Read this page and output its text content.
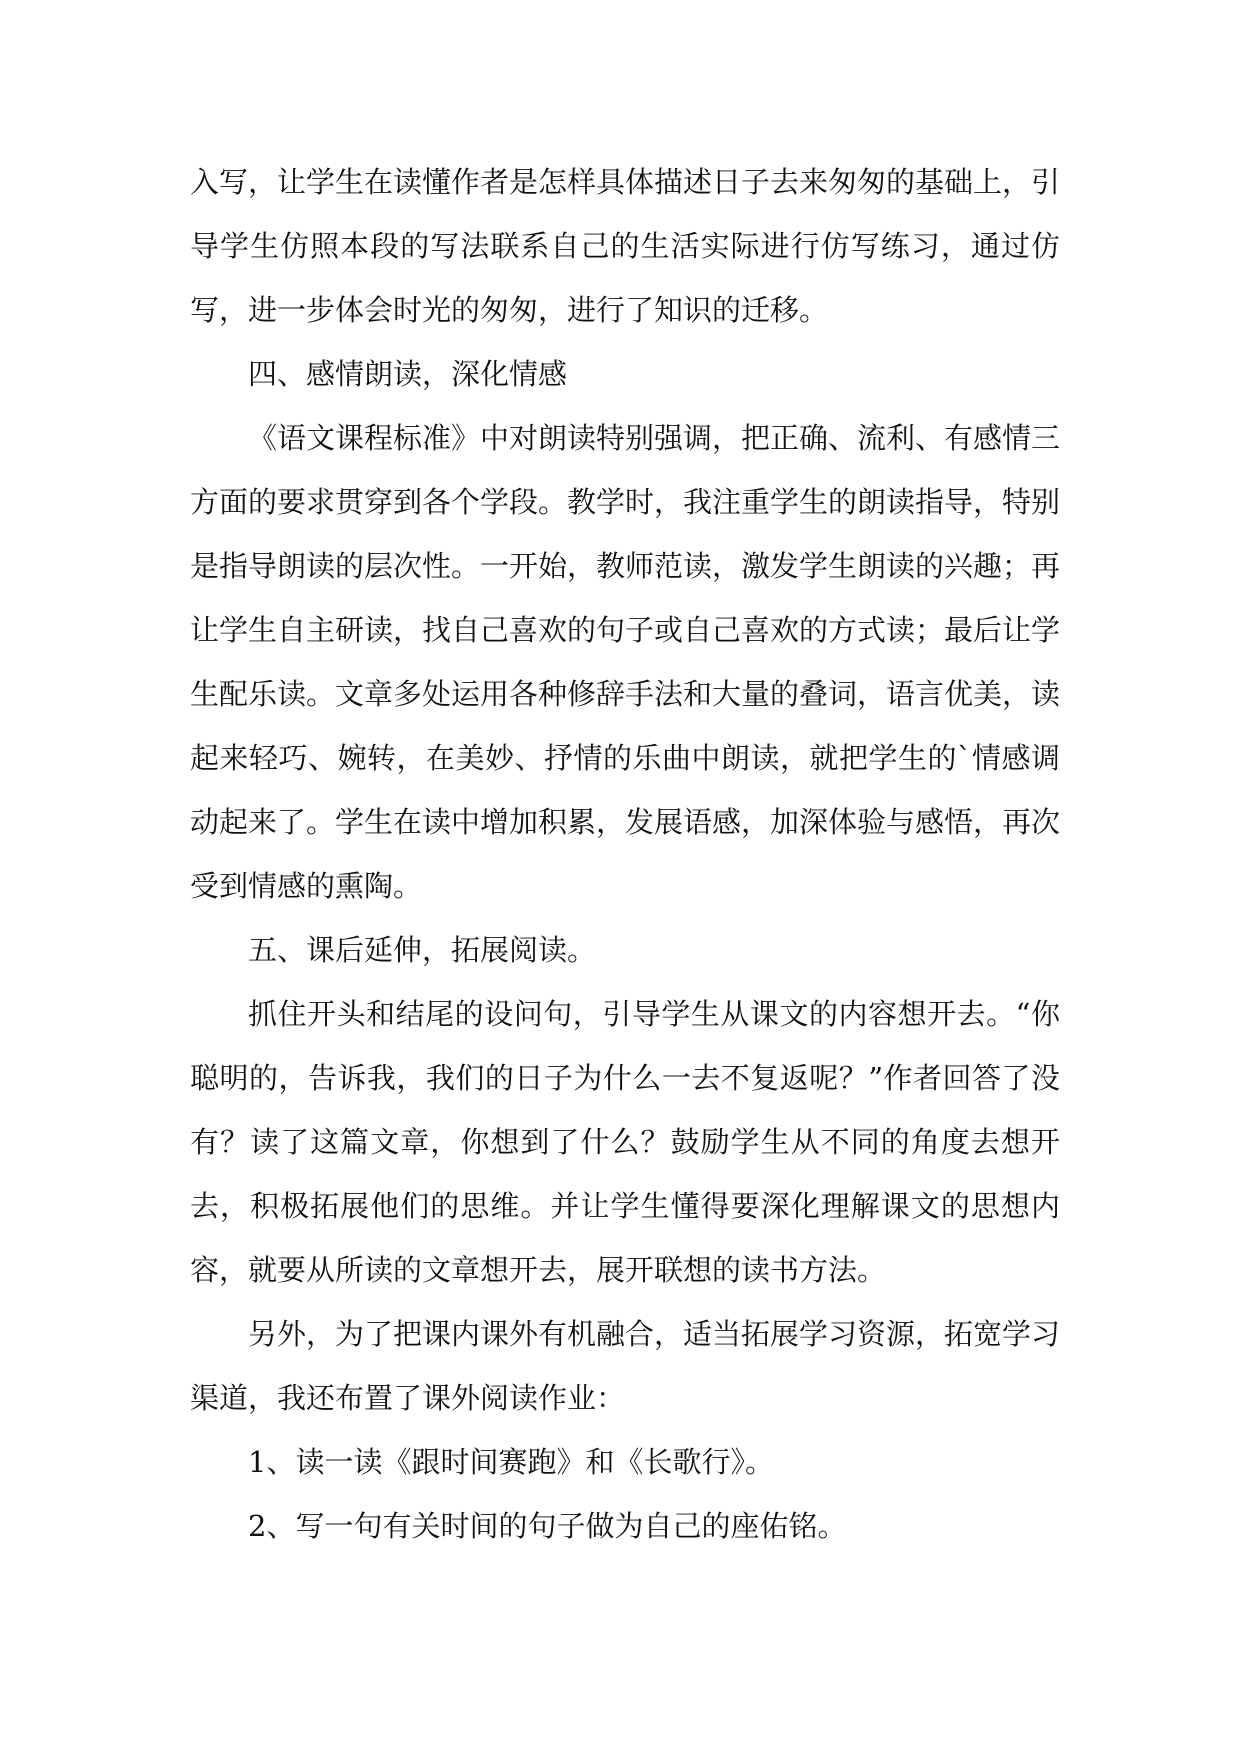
入写，让学生在读懂作者是怎样具体描述日子去来匆匆的基础上，引导学生仿照本段的写法联系自己的生活实际进行仿写练习，通过仿写，进一步体会时光的匆匆，进行了知识的迁移。

四、感情朗读，深化情感

《语文课程标准》中对朗读特别强调，把正确、流利、有感情三方面的要求贯穿到各个学段。教学时，我注重学生的朗读指导，特别是指导朗读的层次性。一开始，教师范读，激发学生朗读的兴趣；再让学生自主研读，找自己喜欢的句子或自己喜欢的方式读；最后让学生配乐读。文章多处运用各种修辞手法和大量的叠词，语言优美，读起来轻巧、婉转，在美妙、抒情的乐曲中朗读，就把学生的`情感调动起来了。学生在读中增加积累，发展语感，加深体验与感悟，再次受到情感的熏陶。

五、课后延伸，拓展阅读。

抓住开头和结尾的设问句，引导学生从课文的内容想开去。“你聪明的，告诉我，我们的日子为什么一去不复返呢？”作者回答了没有？读了这篇文章，你想到了什么？鼓励学生从不同的角度去想开去，积极拓展他们的思维。并让学生懂得要深化理解课文的思想内容，就要从所读的文章想开去，展开联想的读书方法。

另外，为了把课内课外有机融合，适当拓展学习资源，拓宽学习渠道，我还布置了课外阅读作业：

1、读一读《跟时间赛跑》和《长歌行》。

2、写一句有关时间的句子做为自己的座佑铭。
